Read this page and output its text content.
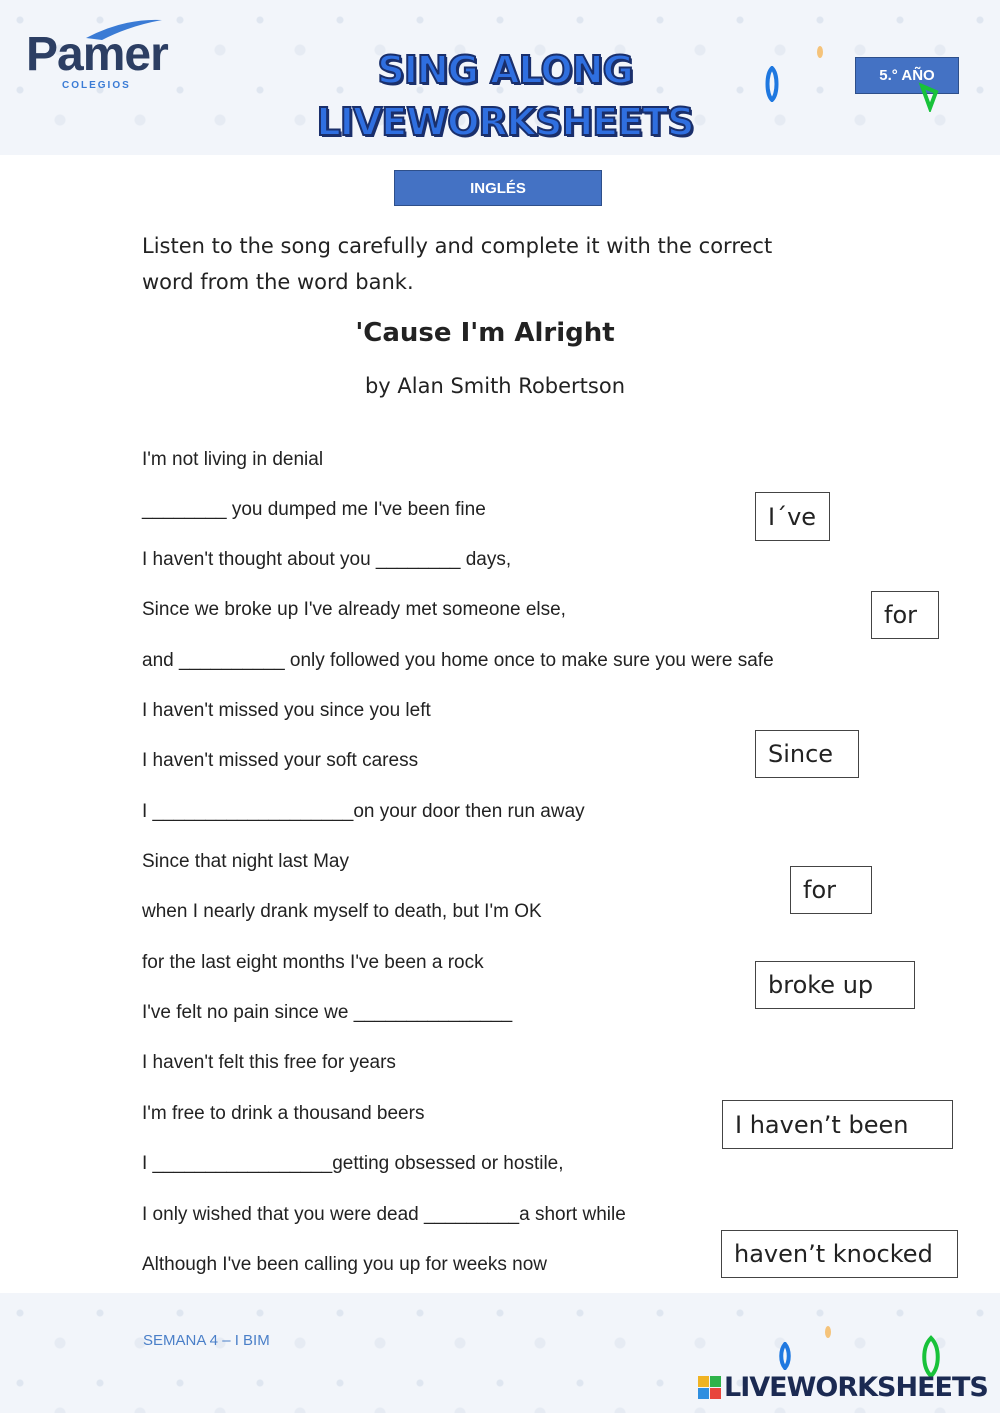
Pamer
COLEGIOS	SING ALONG
LIVEWORKSHEETS
5.° AÑO
INGLÉS
Listen to the song carefully and complete it with the correct
word from the word bank.
'Cause I'm Alright
by Alan Smith Robertson
I'm not living in denial
________ you dumped me I've been fine
I haven't thought about you ________ days,
Since we broke up I've already met someone else,
and __________ only followed you home once to make sure you were safe
I haven't missed you since you left
I haven't missed your soft caress
I ___________________on your door then run away
Since that night last May
when I nearly drank myself to death, but I'm OK
for the last eight months I've been a rock
I've felt no pain since we _______________
I haven't felt this free for years
I'm free to drink a thousand beers
I _________________getting obsessed or hostile,
I only wished that you were dead _________a short while
Although I've been calling you up for weeks now
I´ve
for
Since
for
broke up
I haven’t been
haven’t knocked
SEMANA 4 – I BIM
LIVEWORKSHEETS
